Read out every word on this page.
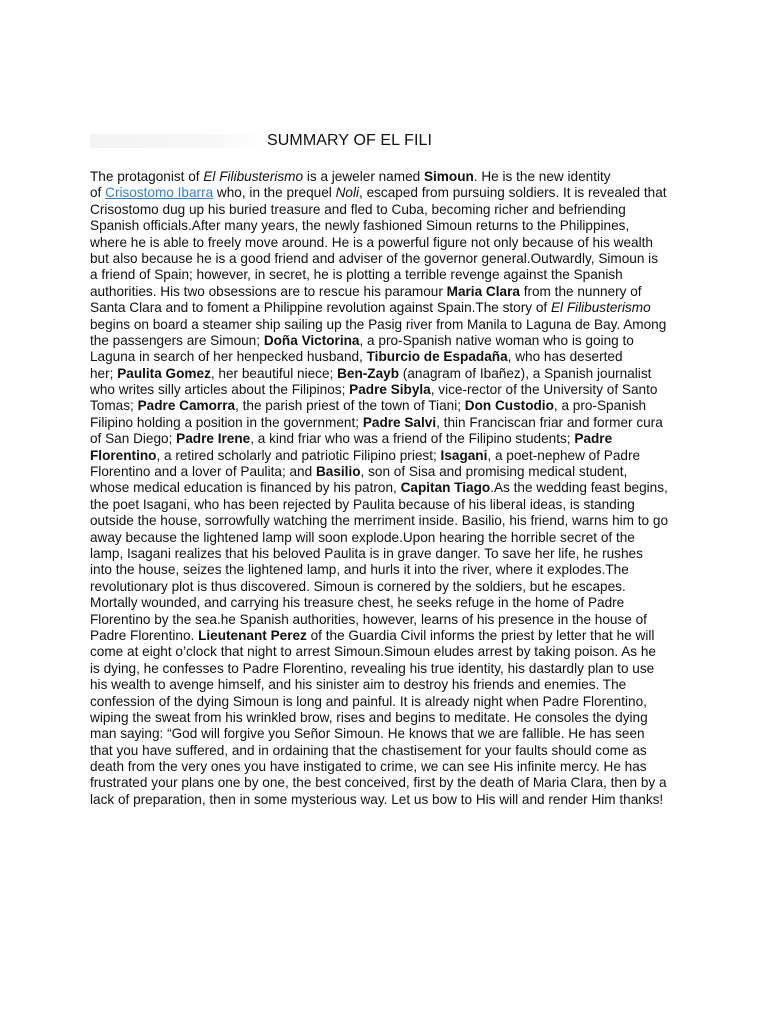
SUMMARY OF EL FILI
The protagonist of El Filibusterismo is a jeweler named Simoun. He is the new identity
of Crisostomo Ibarra who, in the prequel Noli, escaped from pursuing soldiers. It is revealed that
Crisostomo dug up his buried treasure and fled to Cuba, becoming richer and befriending
Spanish officials.After many years, the newly fashioned Simoun returns to the Philippines,
where he is able to freely move around. He is a powerful figure not only because of his wealth
but also because he is a good friend and adviser of the governor general.Outwardly, Simoun is
a friend of Spain; however, in secret, he is plotting a terrible revenge against the Spanish
authorities. His two obsessions are to rescue his paramour Maria Clara from the nunnery of
Santa Clara and to foment a Philippine revolution against Spain.The story of El Filibusterismo
begins on board a steamer ship sailing up the Pasig river from Manila to Laguna de Bay. Among
the passengers are Simoun; Doña Victorina, a pro-Spanish native woman who is going to
Laguna in search of her henpecked husband, Tiburcio de Espadaña, who has deserted
her; Paulita Gomez, her beautiful niece; Ben-Zayb (anagram of Ibañez), a Spanish journalist
who writes silly articles about the Filipinos; Padre Sibyla, vice-rector of the University of Santo
Tomas; Padre Camorra, the parish priest of the town of Tiani; Don Custodio, a pro-Spanish
Filipino holding a position in the government; Padre Salvi, thin Franciscan friar and former cura
of San Diego; Padre Irene, a kind friar who was a friend of the Filipino students; Padre
Florentino, a retired scholarly and patriotic Filipino priest; Isagani, a poet-nephew of Padre
Florentino and a lover of Paulita; and Basilio, son of Sisa and promising medical student,
whose medical education is financed by his patron, Capitan Tiago.As the wedding feast begins,
the poet Isagani, who has been rejected by Paulita because of his liberal ideas, is standing
outside the house, sorrowfully watching the merriment inside. Basilio, his friend, warns him to go
away because the lightened lamp will soon explode.Upon hearing the horrible secret of the
lamp, Isagani realizes that his beloved Paulita is in grave danger. To save her life, he rushes
into the house, seizes the lightened lamp, and hurls it into the river, where it explodes.The
revolutionary plot is thus discovered. Simoun is cornered by the soldiers, but he escapes.
Mortally wounded, and carrying his treasure chest, he seeks refuge in the home of Padre
Florentino by the sea.he Spanish authorities, however, learns of his presence in the house of
Padre Florentino. Lieutenant Perez of the Guardia Civil informs the priest by letter that he will
come at eight o’clock that night to arrest Simoun.Simoun eludes arrest by taking poison. As he
is dying, he confesses to Padre Florentino, revealing his true identity, his dastardly plan to use
his wealth to avenge himself, and his sinister aim to destroy his friends and enemies. The
confession of the dying Simoun is long and painful. It is already night when Padre Florentino,
wiping the sweat from his wrinkled brow, rises and begins to meditate. He consoles the dying
man saying: “God will forgive you Señor Simoun. He knows that we are fallible. He has seen
that you have suffered, and in ordaining that the chastisement for your faults should come as
death from the very ones you have instigated to crime, we can see His infinite mercy. He has
frustrated your plans one by one, the best conceived, first by the death of Maria Clara, then by a
lack of preparation, then in some mysterious way. Let us bow to His will and render Him thanks!
